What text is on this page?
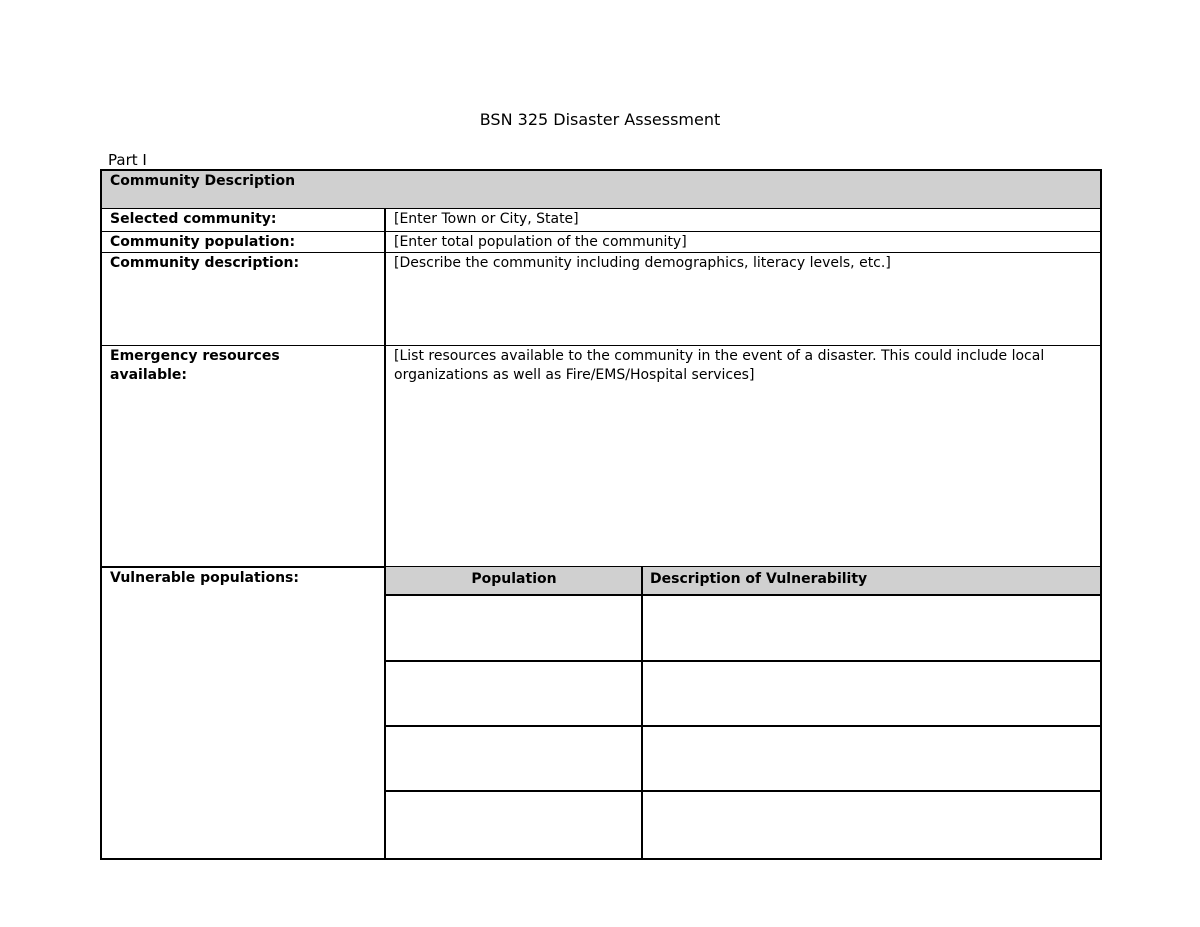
BSN 325 Disaster Assessment
Part I
Community Description
Selected community:	[Enter Town or City, State]
Community population:	[Enter total population of the community]
Community description:	[Describe the community including demographics, literacy levels, etc.]
Emergency resources available:
[List resources available to the community in the event of a disaster. This could include local organizations as well as Fire/EMS/Hospital services]
Vulnerable populations:	Population	Description of Vulnerability
